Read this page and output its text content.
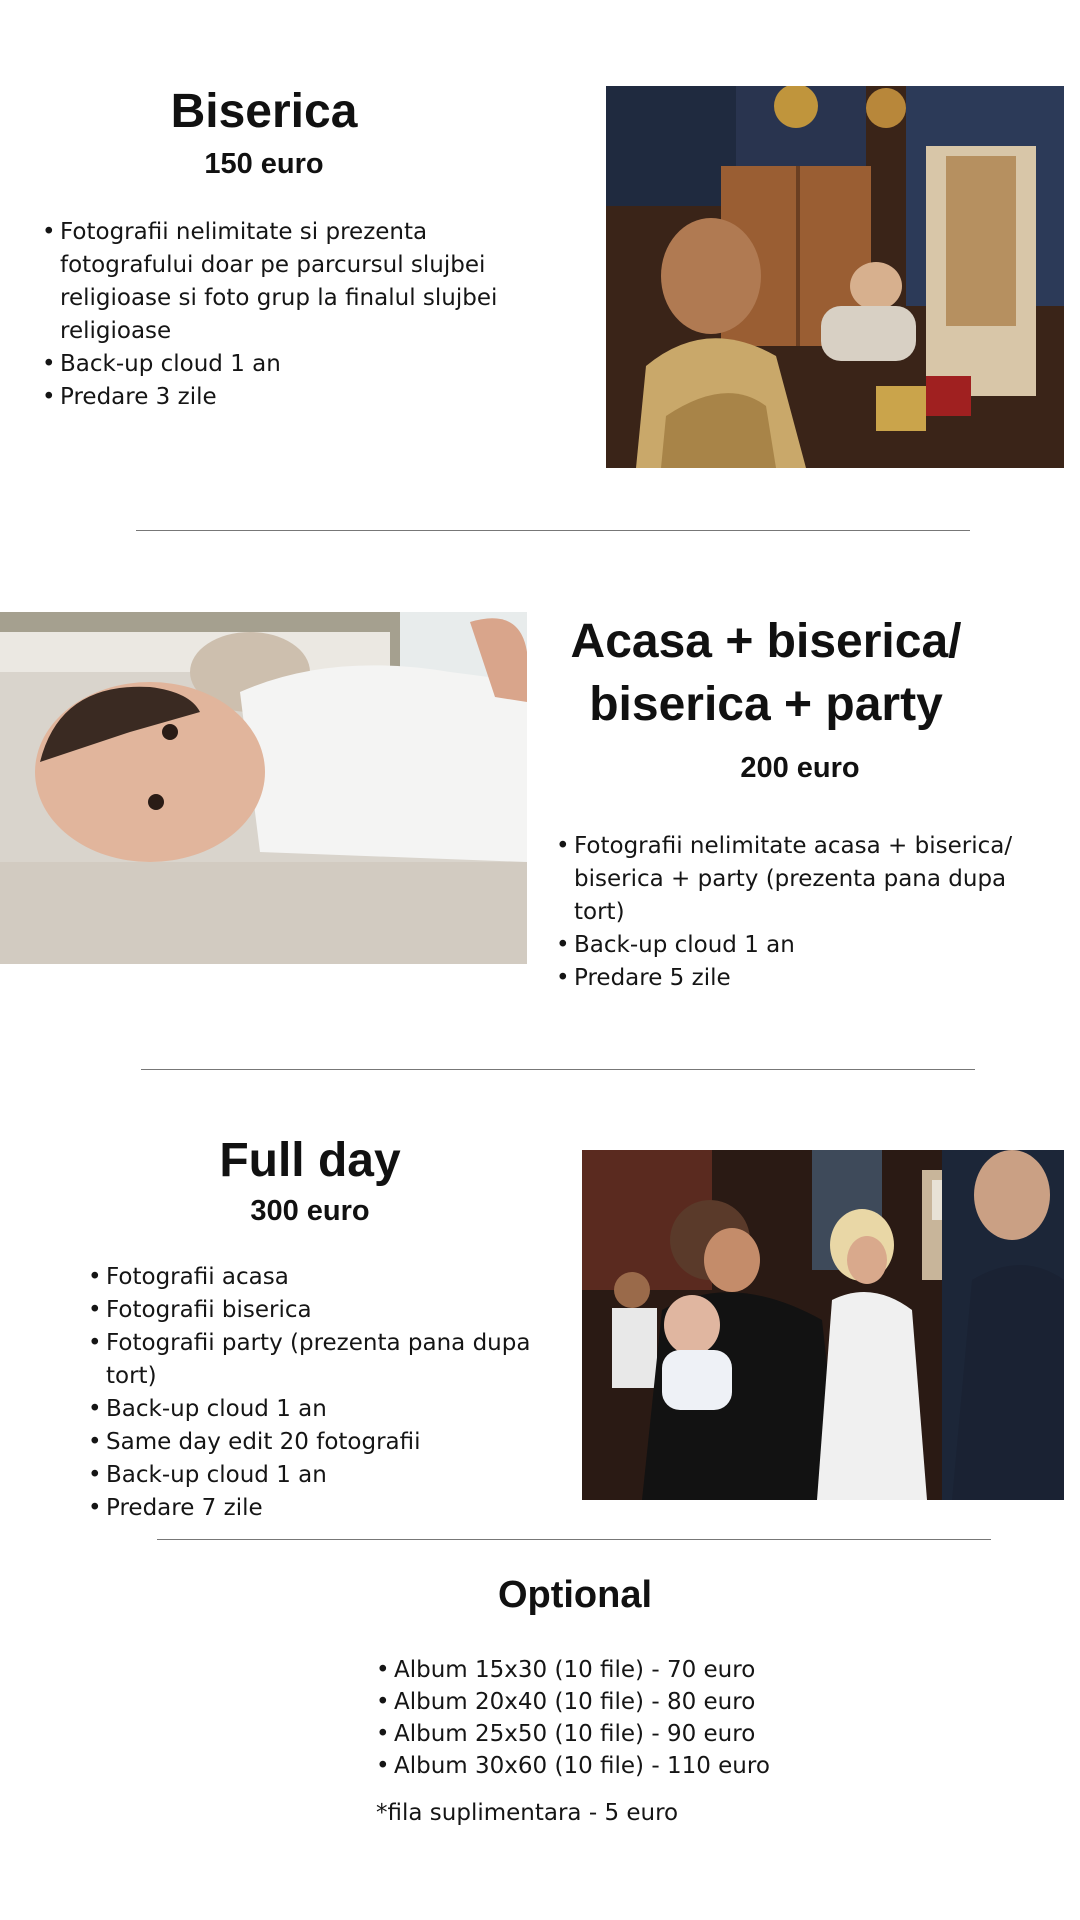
Biserica
150 euro
• Fotografii nelimitate si prezenta fotografului doar pe parcursul slujbei religioase si foto grup la finalul slujbei religioase
• Back-up cloud 1 an
• Predare 3 zile
Acasa + biserica/
biserica + party
200 euro
• Fotografii nelimitate acasa + biserica/ biserica + party (prezenta pana dupa tort)
• Back-up cloud 1 an
• Predare 5 zile
Full day
300 euro
• Fotografii acasa
• Fotografii biserica
• Fotografii party (prezenta pana dupa tort)
• Back-up cloud 1 an
• Same day edit 20 fotografii
• Back-up cloud 1 an
• Predare 7 zile
Optional
• Album 15x30 (10 file) - 70 euro
• Album 20x40 (10 file) - 80 euro
• Album 25x50 (10 file) - 90 euro
• Album 30x60 (10 file) - 110 euro
*fila suplimentara - 5 euro
